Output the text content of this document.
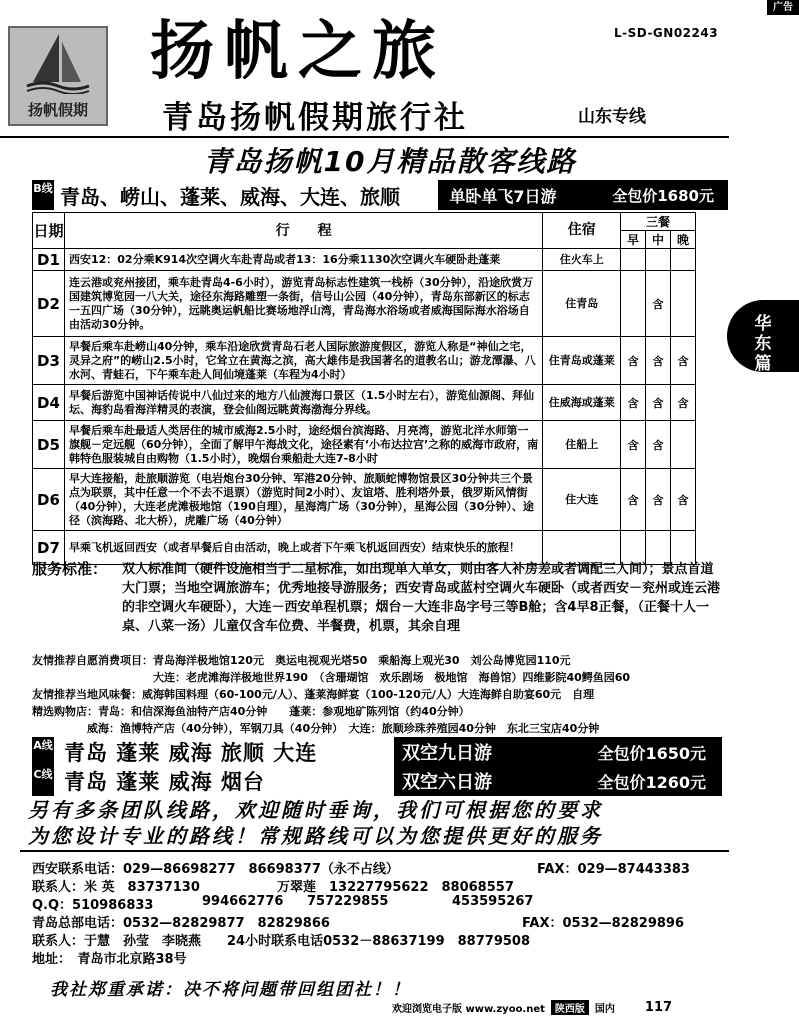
广告
扬帆假期
L-SD-GN02243
扬帆之旅
青岛扬帆假期旅行社	山东专线
青岛扬帆10月精品散客线路
华
东
篇
B线 青岛、崂山、蓬莱、威海、大连、旅顺	单卧单飞7日游	全包价1680元
日期	行　　程	住宿	三餐		
			早	中	晚
D1	西安12：02分乘K914次空调火车赴青岛或者13：16分乘1130次空调火车硬卧赴蓬莱	住火车上			
D2	连云港或兖州接团，乘车赴青岛4-6小时），游览青岛标志性建筑一栈桥（30分钟），沿途欣赏万国建筑博览园一八大关，途径东海路雕塑一条街，信号山公园（40分钟），青岛东部新区的标志一五四广场（30分钟），远眺奥运帆船比赛场地浮山湾，青岛海水浴场或者威海国际海水浴场自由活动30分钟。	住青岛		含	
D3	早餐后乘车赴崂山40分钟，乘车沿途欣赏青岛石老人国际旅游度假区，游览人称是“神仙之宅，灵异之府”的崂山2.5小时，它耸立在黄海之滨，高大雄伟是我国著名的道教名山；游龙潭瀑、八水河、青蛙石，下午乘车赴人间仙境蓬莱（车程为4小时）	住青岛或蓬莱	含	含	含
D4	早餐后游览中国神话传说中八仙过来的地方八仙渡海口景区（1.5小时左右），游览仙源阁、拜仙坛、海豹岛看海洋精灵的表演，登会仙阁远眺黄海渤海分界线。	住威海或蓬莱	含	含	含
D5	早餐后乘车赴最适人类居住的城市威海2.5小时，途经烟台滨海路、月亮湾，游览北洋水师第一旗舰－定远舰（60分钟），全面了解甲午海战文化，途径素有‘小布达拉宫’之称的威海市政府，南韩特色服装城自由购物（1.5小时），晚烟台乘船赴大连7-8小时	住船上	含	含	
D6	早大连接船，赴旅顺游览（电岩炮台30分钟、军港20分钟、旅顺蛇博物馆景区30分钟共三个景点为联票，其中任意一个不去不退票）（游览时间2小时）、友谊塔、胜利塔外景，俄罗斯风情街（40分钟），大连老虎滩极地馆（190自理），星海湾广场（30分钟），星海公园（30分钟）、途径（滨海路、北大桥），虎雕广场（40分钟）	住大连	含	含	含
D7	早乘飞机返回西安（或者早餐后自由活动，晚上或者下午乘飞机返回西安）结束快乐的旅程！				
服务标准： 双人标准间（硬件设施相当于二星标准，如出现单人单女，则由客人补房差或者调配三人间）；景点首道大门票；当地空调旅游车；优秀地接导游服务；西安青岛或蓝村空调火车硬卧（或者西安－兖州或连云港的非空调火车硬卧），大连－西安单程机票；烟台－大连非岛字号三等B舱；含4早8正餐，（正餐十人一桌、八菜一汤）儿童仅含车位费、半餐费，机票，其余自理
友情推荐自愿消费项目：青岛海洋极地馆120元　奥运电视观光塔50　乘船海上观光30　刘公岛博览园110元
　　　　　　　　　　　大连：老虎滩海洋极地世界190　（含珊瑚馆　欢乐剧场　极地馆　海兽馆）四维影院40鳄鱼园60
友情推荐当地风味餐：威海韩国料理（60-100元/人）、蓬莱海鲜宴（100-120元/人）大连海鲜自助宴60元　自理
精选购物店：青岛：和信深海鱼油特产店40分钟　　蓬莱：参观地矿陈列馆（约40分钟）
　　　　　威海：渔博特产店（40分钟），军钢刀具（40分钟）　大连：旅顺珍珠养殖园40分钟　东北三宝店40分钟
A线 青岛 蓬莱 威海 旅顺 大连	双空九日游	全包价1650元
C线 青岛 蓬莱 威海 烟台	双空六日游	全包价1260元
另有多条团队线路，欢迎随时垂询，我们可根据您的要求
为您设计专业的路线！常规路线可以为您提供更好的服务
西安联系电话：029—86698277　86698377（永不占线）	FAX：029—87443383
联系人：米 英　83737130	万翠莲　13227795622　88068557
Q.Q：510986833	994662776 757229855	453595267
青岛总部电话：0532—82829877　82829866	FAX：0532—82829896
联系人：于慧　孙莹　李晓燕　　24小时联系电话0532－88637199　88779508
地址：　青岛市北京路38号
我社郑重承诺：决不将问题带回组团社！！
欢迎浏览电子版 www.zyoo.net	陕西版	国内 117
